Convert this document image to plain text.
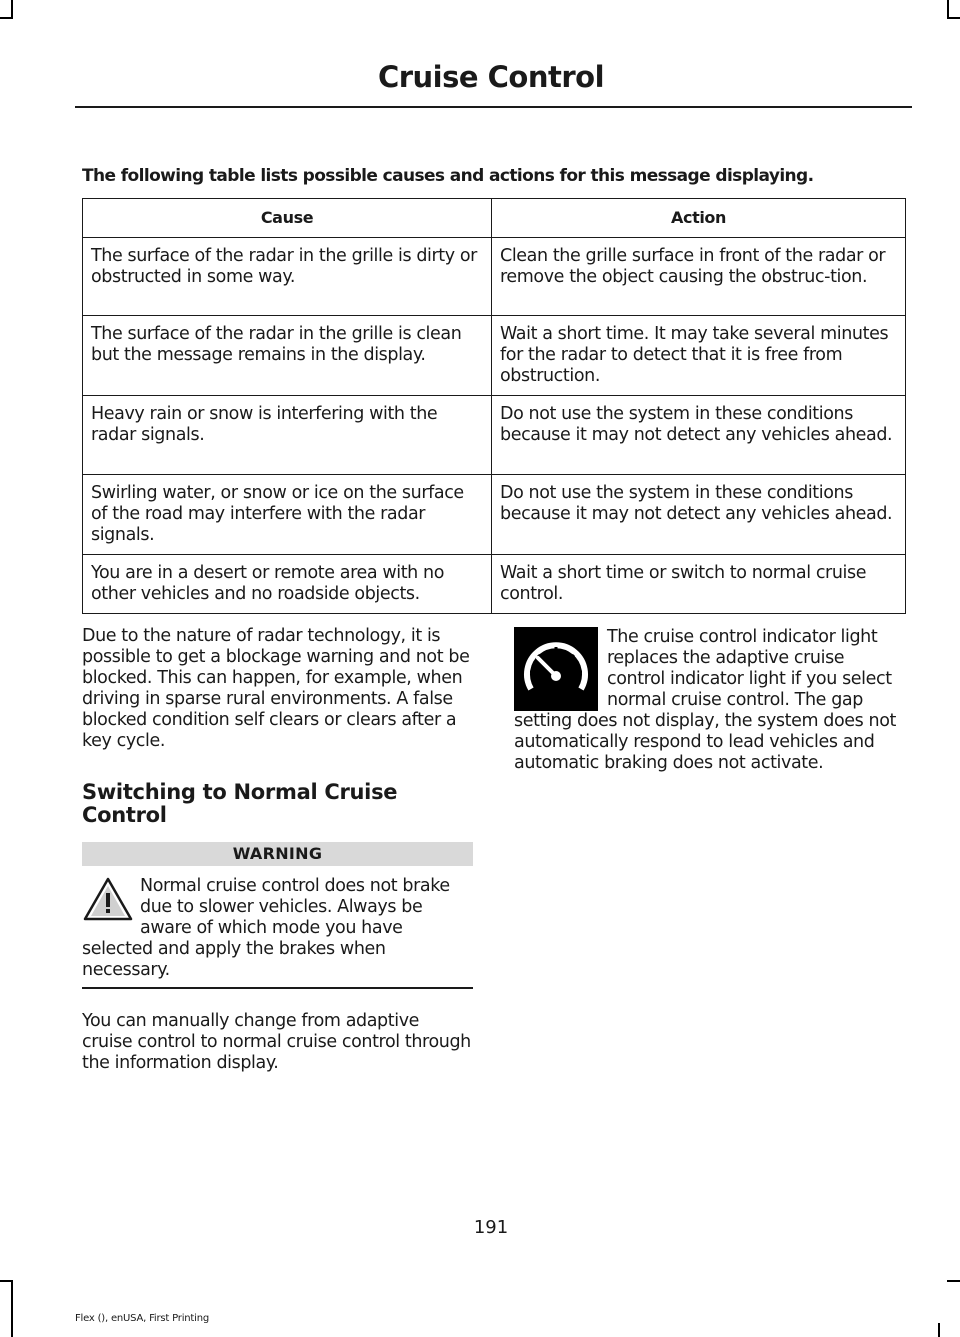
Cruise Control
The following table lists possible causes and actions for this message displaying.
Cause	Action
The surface of the radar in the grille is dirty or obstructed in some way.	Clean the grille surface in front of the radar or remove the object causing the obstruc-tion.
The surface of the radar in the grille is clean but the message remains in the display.	Wait a short time. It may take several minutes for the radar to detect that it is free from obstruction.
Heavy rain or snow is interfering with the radar signals.	Do not use the system in these conditions because it may not detect any vehicles ahead.
Swirling water, or snow or ice on the surface of the road may interfere with the radar signals.	Do not use the system in these conditions because it may not detect any vehicles ahead.
You are in a desert or remote area with no other vehicles and no roadside objects.	Wait a short time or switch to normal cruise control.

Due to the nature of radar technology, it is possible to get a blockage warning and not be blocked. This can happen, for example, when driving in sparse rural environments. A false blocked condition self clears or clears after a key cycle.

Switching to Normal Cruise Control
WARNING

Normal cruise control does not brake due to slower vehicles. Always be aware of which mode you have selected and apply the brakes when necessary.

You can manually change from adaptive cruise control to normal cruise control through the information display.

The cruise control indicator light replaces the adaptive cruise control indicator light if you select normal cruise control. The gap setting does not display, the system does not automatically respond to lead vehicles and automatic braking does not activate.

191
Flex (), enUSA, First Printing
